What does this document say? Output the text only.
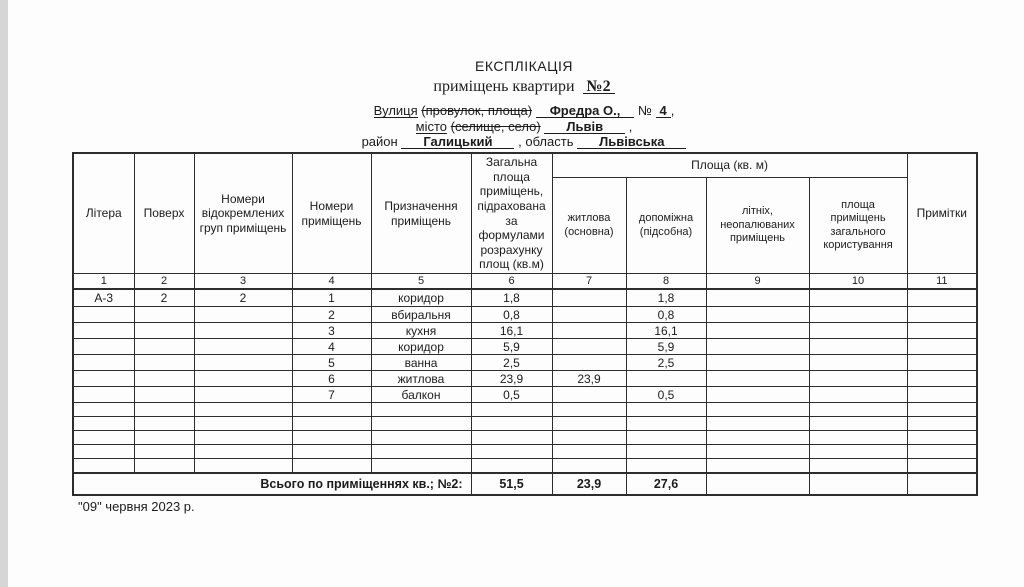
ЕКСПЛІКАЦІЯ
приміщень квартири №2
Вулиця (провулок, площа) Фредра О., № 4 ,
місто (селище, село) Львів ,
район Галицький , область Львівська
Літера	Поверх	Номери відокремлених груп приміщень	Номери приміщень	Призначення приміщень	Загальна площа приміщень, підрахована за формулами розрахунку площ (кв.м)	Площа (кв. м)				Примітки
						житлова (основна)	допоміжна (підсобна)	літніх, неопалюваних приміщень	площа приміщень загального користування	
1	2	3	4	5	6	7	8	9	10	11
А-3	2	2	1	коридор	1,8		1,8			
			2	вбиральня	0,8		0,8			
			3	кухня	16,1		16,1			
			4	коридор	5,9		5,9			
			5	ванна	2,5		2,5			
			6	житлова	23,9	23,9				
			7	балкон	0,5		0,5			

Всього по приміщеннях кв.; №2:					51,5	23,9	27,6			
"09" червня 2023 р.
